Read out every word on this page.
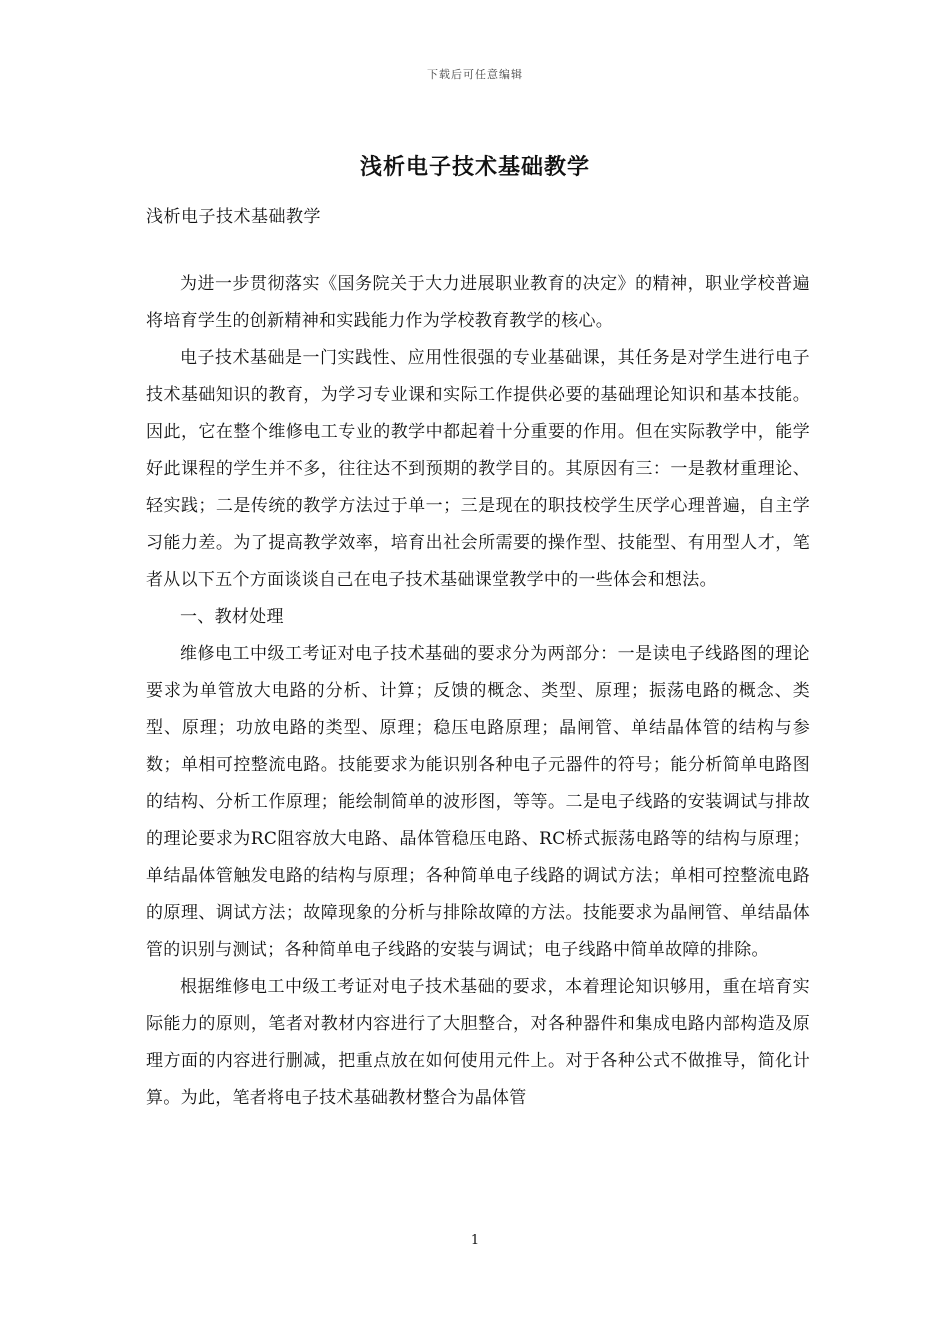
下载后可任意编辑
浅析电子技术基础教学
浅析电子技术基础教学

为进一步贯彻落实《国务院关于大力进展职业教育的决定》的精神，职业学校普遍将培育学生的创新精神和实践能力作为学校教育教学的核心。

电子技术基础是一门实践性、应用性很强的专业基础课，其任务是对学生进行电子技术基础知识的教育，为学习专业课和实际工作提供必要的基础理论知识和基本技能。因此，它在整个维修电工专业的教学中都起着十分重要的作用。但在实际教学中，能学好此课程的学生并不多，往往达不到预期的教学目的。其原因有三：一是教材重理论、轻实践；二是传统的教学方法过于单一；三是现在的职技校学生厌学心理普遍，自主学习能力差。为了提高教学效率，培育出社会所需要的操作型、技能型、有用型人才，笔者从以下五个方面谈谈自己在电子技术基础课堂教学中的一些体会和想法。

一、教材处理

维修电工中级工考证对电子技术基础的要求分为两部分：一是读电子线路图的理论要求为单管放大电路的分析、计算；反馈的概念、类型、原理；振荡电路的概念、类型、原理；功放电路的类型、原理；稳压电路原理；晶闸管、单结晶体管的结构与参数；单相可控整流电路。技能要求为能识别各种电子元器件的符号；能分析简单电路图的结构、分析工作原理；能绘制简单的波形图，等等。二是电子线路的安装调试与排故的理论要求为RC阻容放大电路、晶体管稳压电路、RC桥式振荡电路等的结构与原理；单结晶体管触发电路的结构与原理；各种简单电子线路的调试方法；单相可控整流电路的原理、调试方法；故障现象的分析与排除故障的方法。技能要求为晶闸管、单结晶体管的识别与测试；各种简单电子线路的安装与调试；电子线路中简单故障的排除。

根据维修电工中级工考证对电子技术基础的要求，本着理论知识够用，重在培育实际能力的原则，笔者对教材内容进行了大胆整合，对各种器件和集成电路内部构造及原理方面的内容进行删减，把重点放在如何使用元件上。对于各种公式不做推导，简化计算。为此，笔者将电子技术基础教材整合为晶体管

1
